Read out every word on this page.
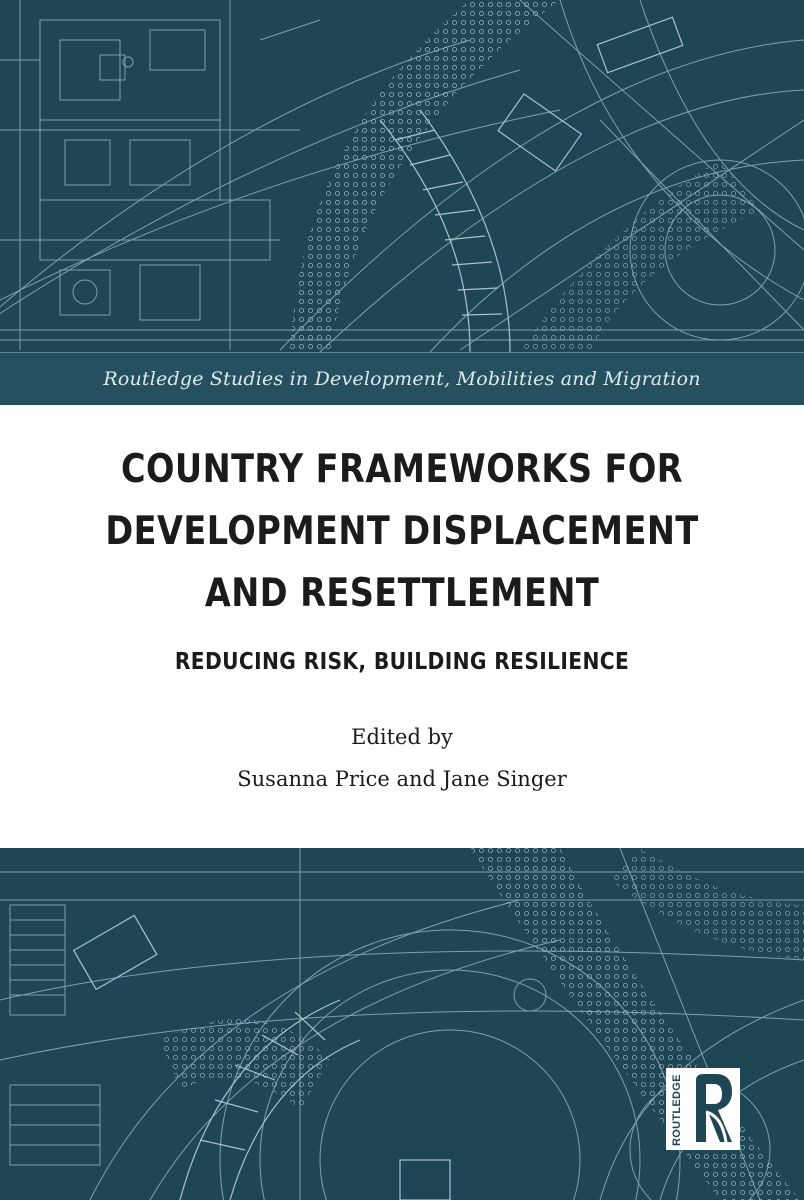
Routledge Studies in Development, Mobilities and Migration
COUNTRY FRAMEWORKS FOR
DEVELOPMENT DISPLACEMENT
AND RESETTLEMENT
REDUCING RISK, BUILDING RESILIENCE
Edited by
Susanna Price and Jane Singer
ROUTLEDGE
